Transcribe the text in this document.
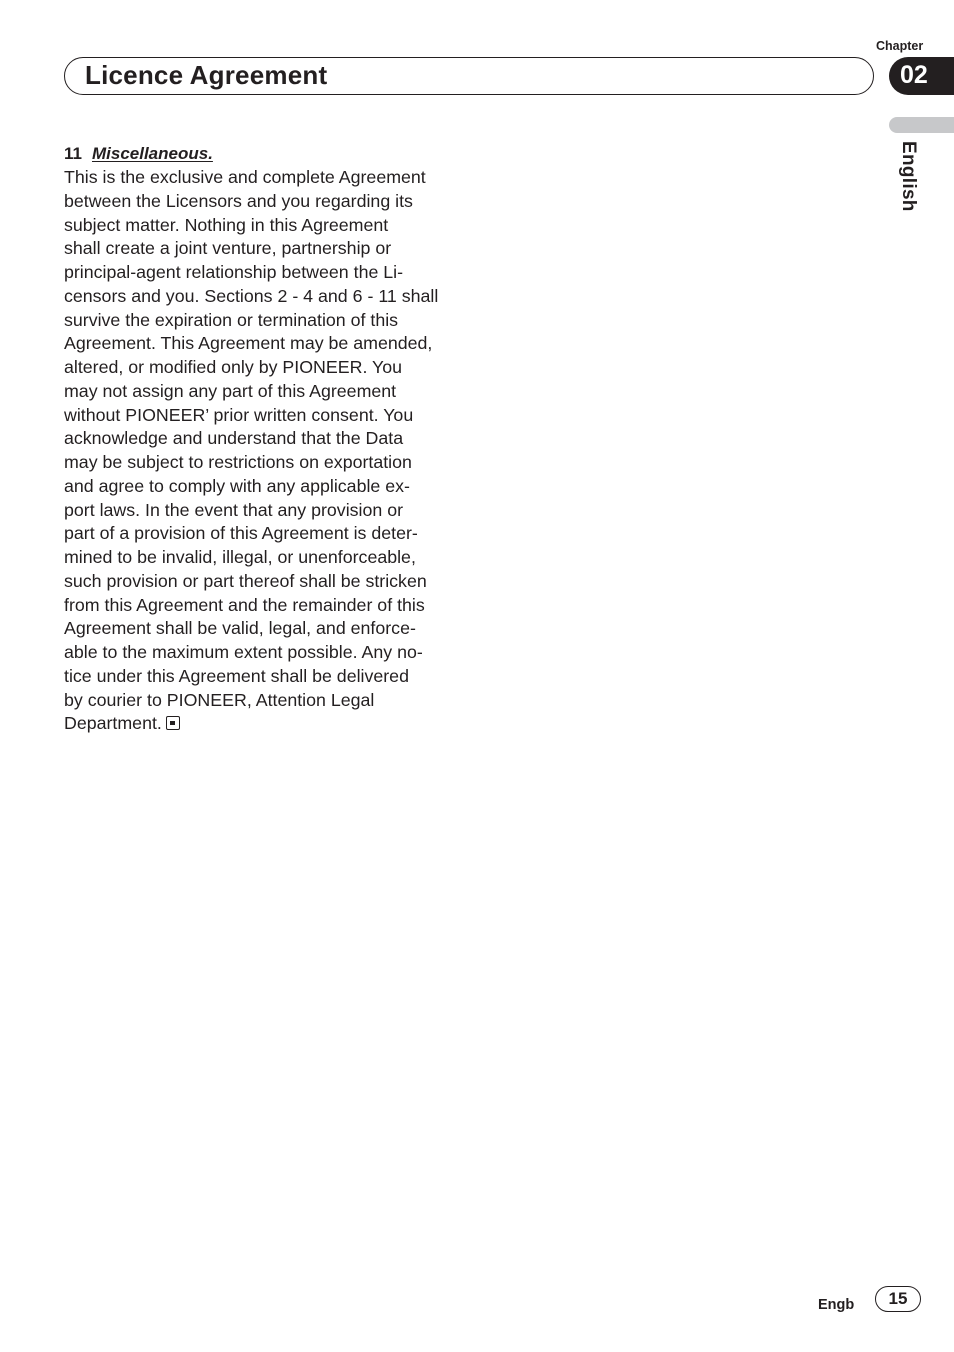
Chapter
Licence Agreement	02
English
11 Miscellaneous.
This is the exclusive and complete Agreement
between the Licensors and you regarding its
subject matter. Nothing in this Agreement
shall create a joint venture, partnership or
principal-agent relationship between the Li-
censors and you. Sections 2 - 4 and 6 - 11 shall
survive the expiration or termination of this
Agreement. This Agreement may be amended,
altered, or modified only by PIONEER. You
may not assign any part of this Agreement
without PIONEER’ prior written consent. You
acknowledge and understand that the Data
may be subject to restrictions on exportation
and agree to comply with any applicable ex-
port laws. In the event that any provision or
part of a provision of this Agreement is deter-
mined to be invalid, illegal, or unenforceable,
such provision or part thereof shall be stricken
from this Agreement and the remainder of this
Agreement shall be valid, legal, and enforce-
able to the maximum extent possible. Any no-
tice under this Agreement shall be delivered
by courier to PIONEER, Attention Legal
Department.
Engb	15
